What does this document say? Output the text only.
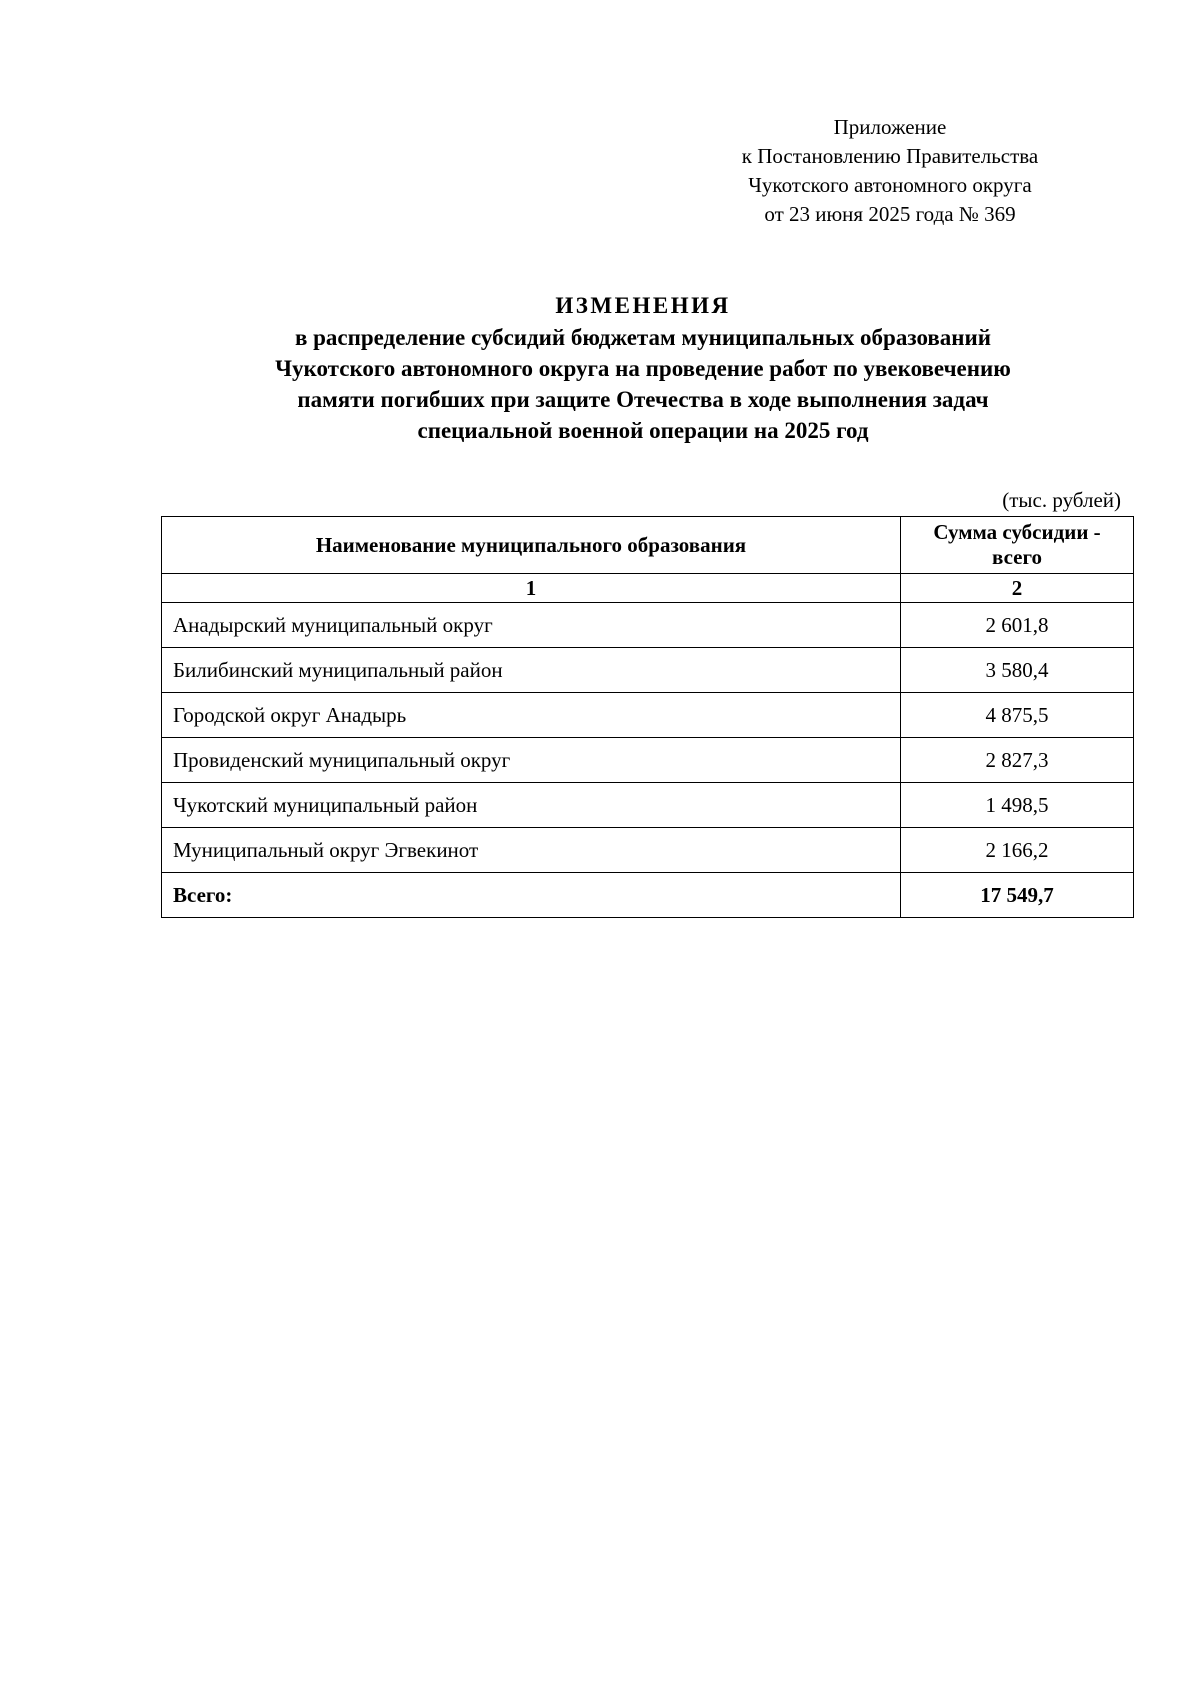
Приложение
к Постановлению Правительства
Чукотского автономного округа
от 23 июня 2025 года № 369
ИЗМЕНЕНИЯ
в распределение субсидий бюджетам муниципальных образований
Чукотского автономного округа на проведение работ по увековечению
памяти погибших при защите Отечества в ходе выполнения задач
специальной военной операции на 2025 год
(тыс. рублей)
Наименование муниципального образования	Сумма субсидии -
всего

1	2
Анадырский муниципальный округ	2 601,8
Билибинский муниципальный район	3 580,4
Городской округ Анадырь	4 875,5
Провиденский муниципальный округ	2 827,3
Чукотский муниципальный район	1 498,5
Муниципальный округ Эгвекинот	2 166,2
Всего:	17 549,7
